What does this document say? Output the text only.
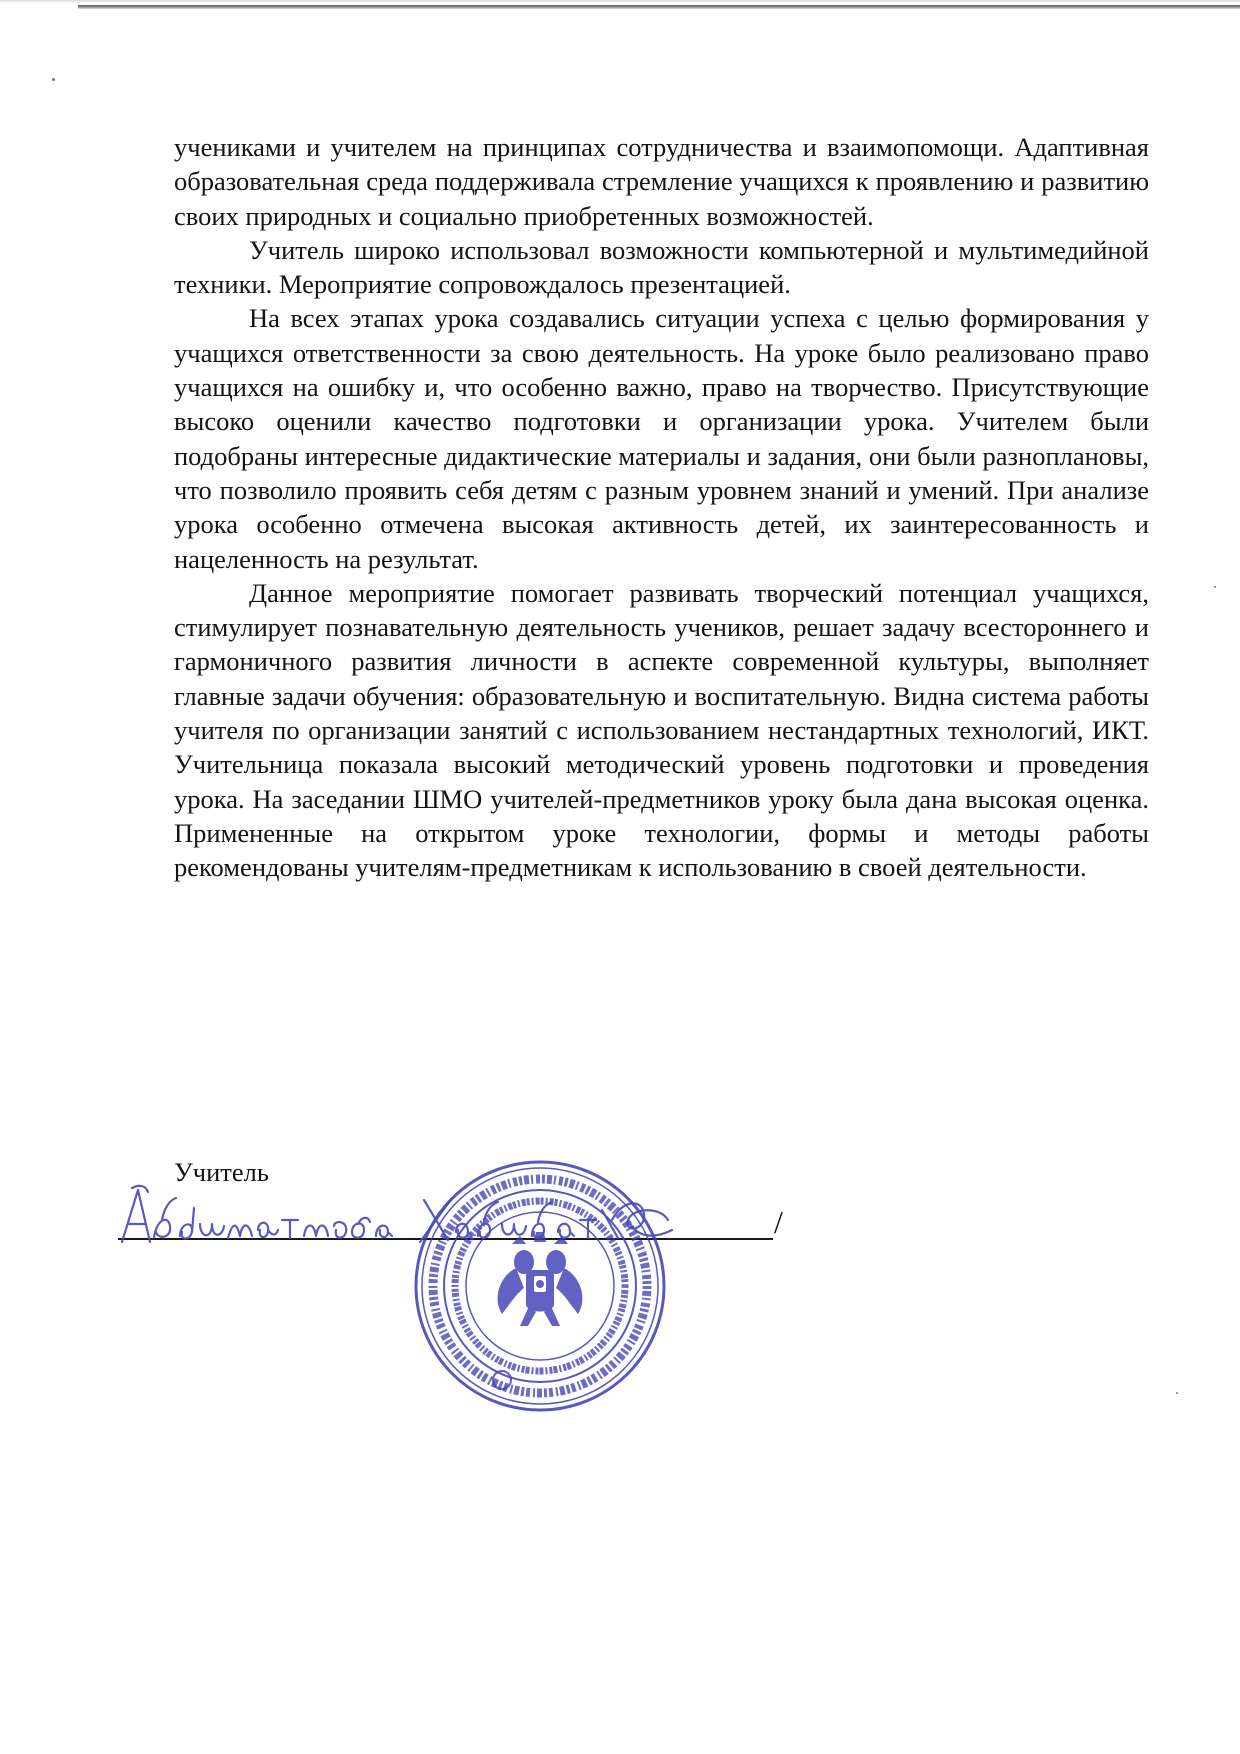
учениками и учителем на принципах сотрудничества и взаимопомощи. Адаптивная образовательная среда поддерживала стремление учащихся к проявлению и развитию своих природных и социально приобретенных возможностей.

Учитель широко использовал возможности компьютерной и мультимедийной техники. Мероприятие сопровождалось презентацией.

На всех этапах урока создавались ситуации успеха с целью формирования у учащихся ответственности за свою деятельность. На уроке было реализовано право учащихся на ошибку и, что особенно важно, право на творчество. Присутствующие высоко оценили качество подготовки и организации урока. Учителем были подобраны интересные дидактические материалы и задания, они были разноплановы, что позволило проявить себя детям с разным уровнем знаний и умений. При анализе урока особенно отмечена высокая активность детей, их заинтересованность и нацеленность на результат.

Данное мероприятие помогает развивать творческий потенциал учащихся, стимулирует познавательную деятельность учеников, решает задачу всестороннего и гармоничного развития личности в аспекте современной культуры, выполняет главные задачи обучения: образовательную и воспитательную. Видна система работы учителя по организации занятий с использованием нестандартных технологий, ИКТ. Учительница показала высокий методический уровень подготовки и проведения урока. На заседании ШМО учителей-предметников уроку была дана высокая оценка. Примененные на открытом уроке технологии, формы и методы работы рекомендованы учителям-предметникам к использованию в своей деятельности.

Учитель
/
